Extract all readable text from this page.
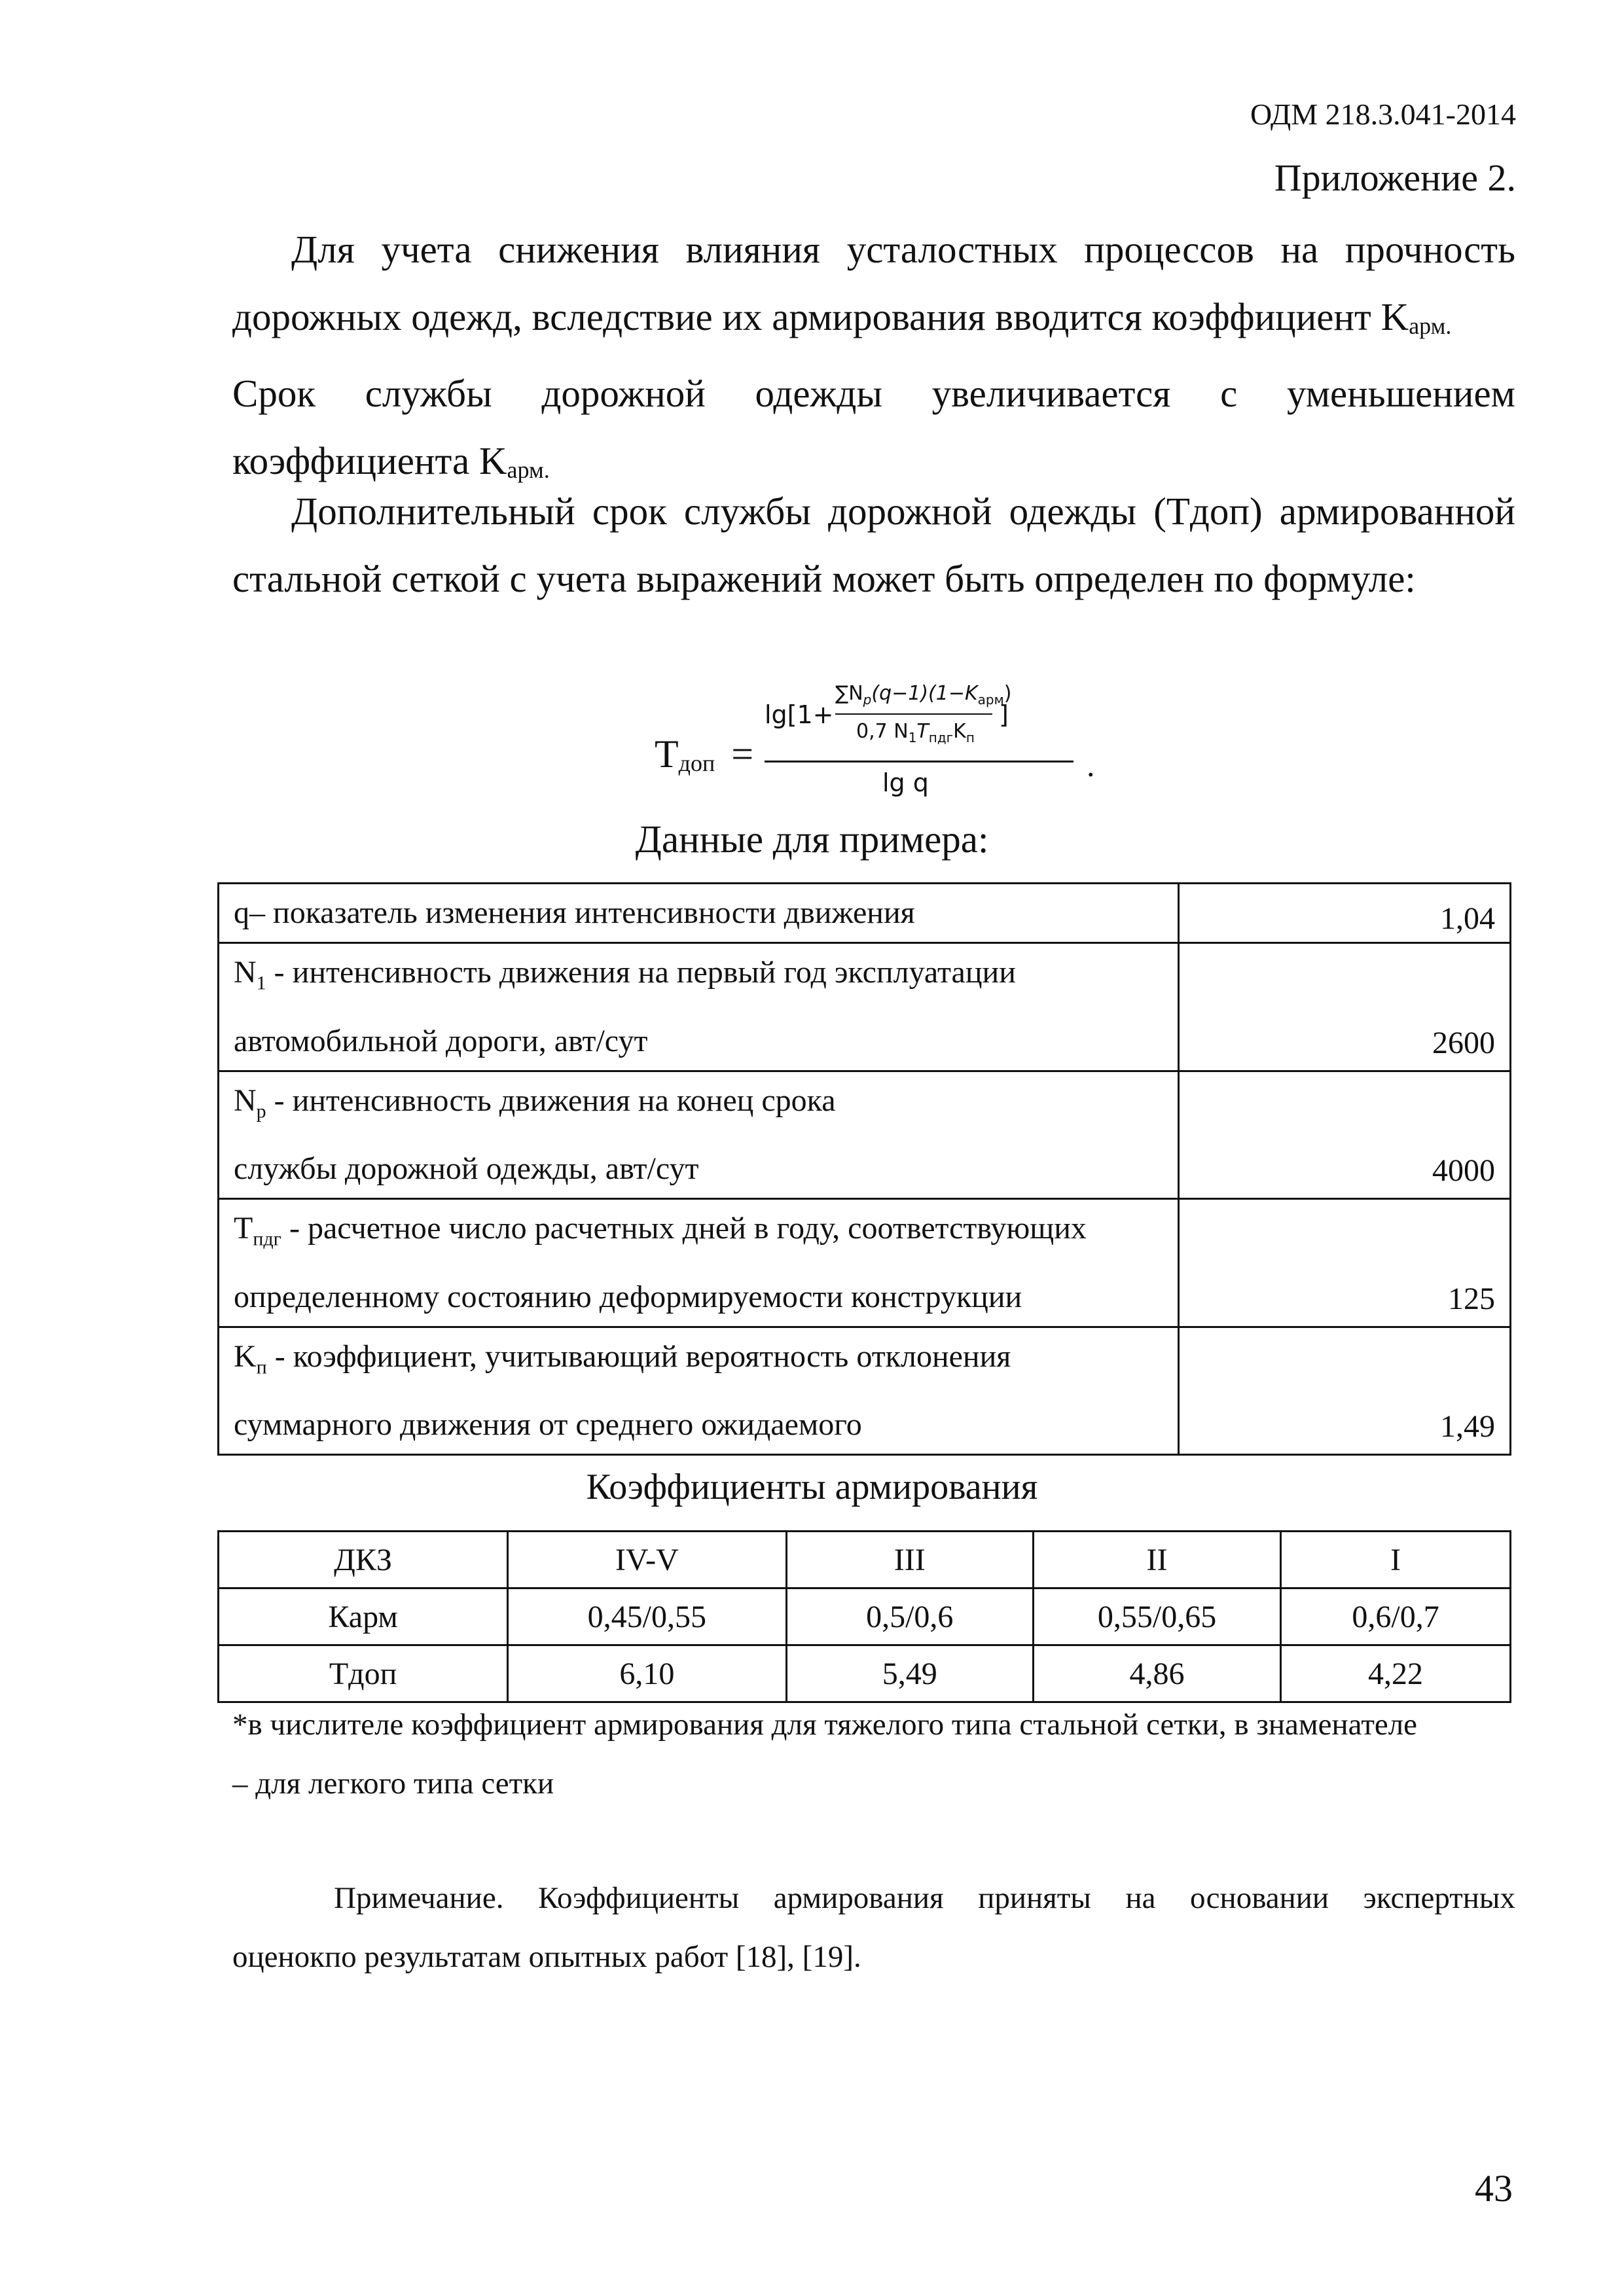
ОДМ 218.3.041-2014
Приложение 2.
Для учета снижения влияния усталостных процессов на прочность
дорожных одежд, вследствие их армирования вводится коэффициент $K_{арм.}$
Срок службы дорожной одежды увеличивается с уменьшением
коэффициента $K_{арм.}$
Дополнительный срок службы дорожной одежды (Тдоп) армированной
стальной сеткой с учета выражений может быть определен по формуле:
$T_{доп}$ =
lg[1+
$\sum N_p(q-1)(1-K_{арм})$
0,7 $N_1T_{пдг}K_п$
]
lg q	.
Данные для примера:
q– показатель изменения интенсивности движения	1,04

$N_1$ - интенсивность движения на первый год эксплуатации
автомобильной дороги, авт/сут	2600

$N_p$ - интенсивность движения на конец срока
службы дорожной одежды, авт/сут	4000

$T_{пдг}$ - расчетное число расчетных дней в году, соответствующих
определенному состоянию деформируемости конструкции	125

$K_п$ - коэффициент, учитывающий вероятность отклонения
суммарного движения от среднего ожидаемого	1,49
Коэффициенты армирования
ДКЗ	IV-V	III	II	I
Карм	0,45/0,55	0,5/0,6	0,55/0,65	0,6/0,7
Тдоп	6,10	5,49	4,86	4,22
*в числителе коэффициент армирования для тяжелого типа стальной сетки, в знаменателе
– для легкого типа сетки
Примечание. Коэффициенты армирования приняты на основании экспертных
оценокпо результатам опытных работ [18], [19].
43
